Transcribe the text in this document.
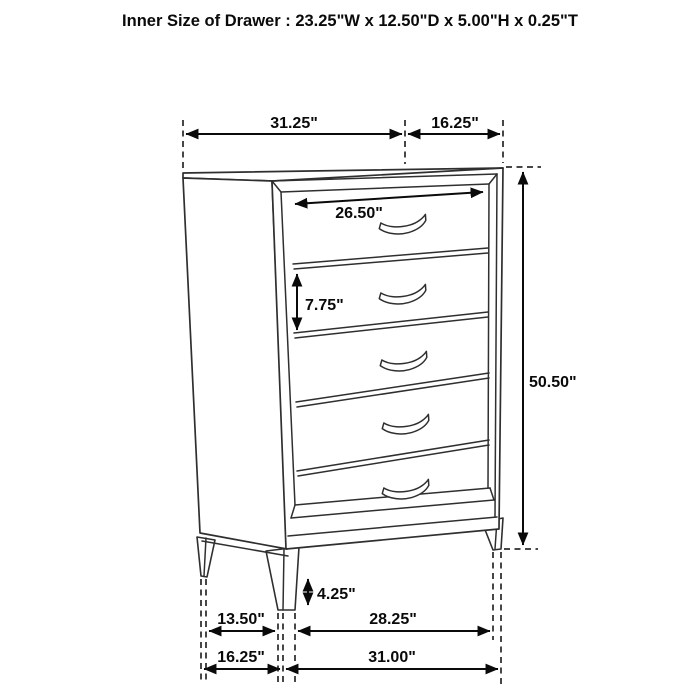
Inner Size of Drawer : 23.25"W x 12.50"D x 5.00"H x 0.25"T
31.25"	16.25"
50.50"
26.50"
7.75"
4.25"
13.50"	28.25"
16.25"	31.00"
